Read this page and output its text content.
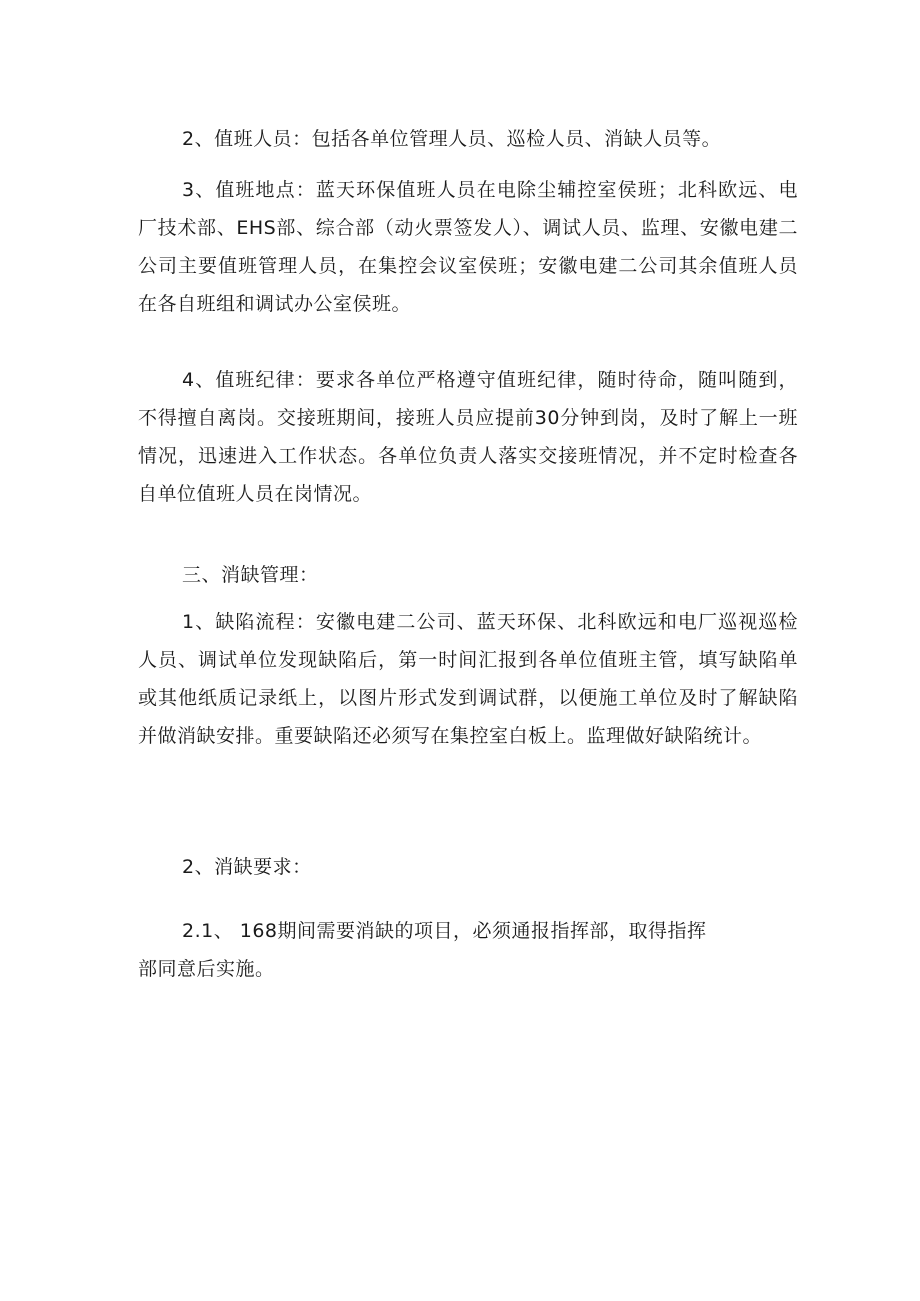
2、值班人员：包括各单位管理人员、巡检人员、消缺人员等。

3、值班地点：蓝天环保值班人员在电除尘辅控室侯班；北科欧远、电厂技术部、EHS部、综合部（动火票签发人）、调试人员、监理、安徽电建二公司主要值班管理人员，在集控会议室侯班；安徽电建二公司其余值班人员在各自班组和调试办公室侯班。

4、值班纪律：要求各单位严格遵守值班纪律，随时待命，随叫随到，不得擅自离岗。交接班期间，接班人员应提前30分钟到岗，及时了解上一班情况，迅速进入工作状态。各单位负责人落实交接班情况，并不定时检查各自单位值班人员在岗情况。

三、消缺管理：

1、缺陷流程：安徽电建二公司、蓝天环保、北科欧远和电厂巡视巡检人员、调试单位发现缺陷后，第一时间汇报到各单位值班主管，填写缺陷单或其他纸质记录纸上，以图片形式发到调试群，以便施工单位及时了解缺陷并做消缺安排。重要缺陷还必须写在集控室白板上。监理做好缺陷统计。

2、消缺要求：

2.1、 168期间需要消缺的项目，必须通报指挥部，取得指挥
部同意后实施。
